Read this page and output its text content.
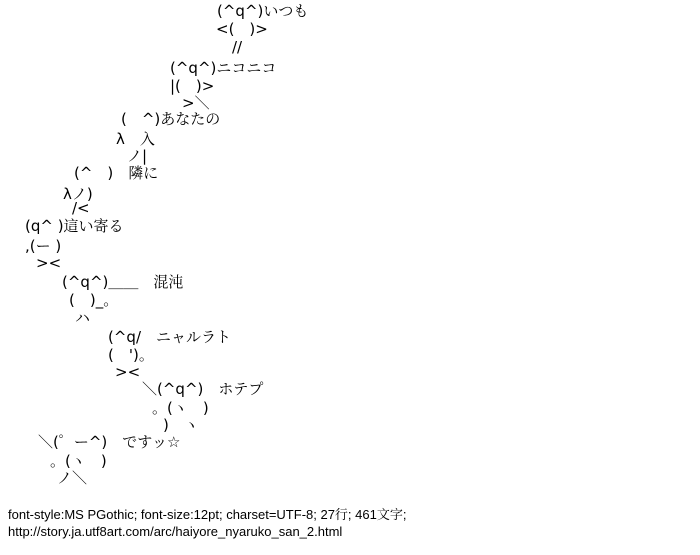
(^q^)いつも
<(　)>
//
(^q^)ニコニコ
|(　)>
>＼
(　^)あなたの
λ　入
ノ|
(^　)　隣に
λノ)
/<
(q^ )這い寄る
,(ー )
><
(^q^)＿＿　混沌
(　)_。
ハ
(^q/　ニャルラト
(　')。
><
＼(^q^)　ホテプ
。(ヽ　)
)　ヽ
＼(゜ー^)　ですッ☆
。(ヽ　)
ノ＼
font-style:MS PGothic; font-size:12pt; charset=UTF-8; 27行; 461文字;
http://story.ja.utf8art.com/arc/haiyore_nyaruko_san_2.html
